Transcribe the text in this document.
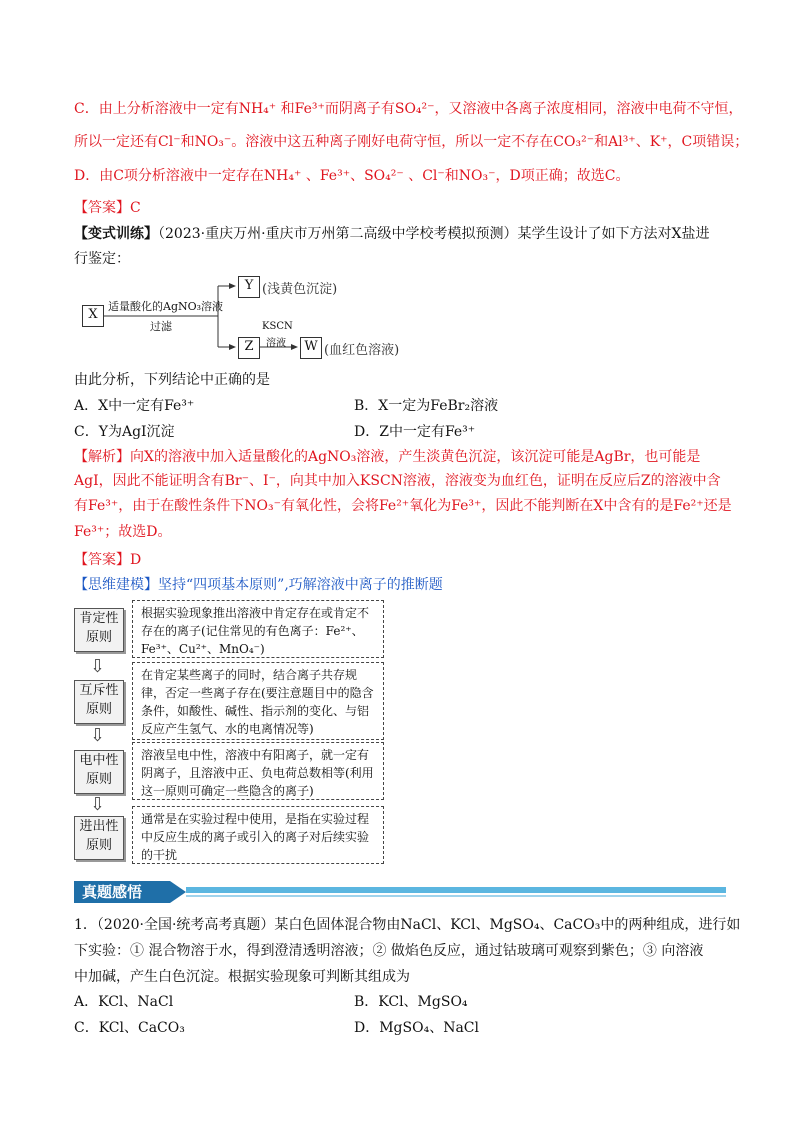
C．由上分析溶液中一定有NH₄⁺ 和Fe³⁺而阴离子有SO₄²⁻，又溶液中各离子浓度相同，溶液中电荷不守恒，
所以一定还有Cl⁻和NO₃⁻。溶液中这五种离子刚好电荷守恒，所以一定不存在CO₃²⁻和Al³⁺、K⁺，C项错误；
D．由C项分析溶液中一定存在NH₄⁺ 、Fe³⁺、SO₄²⁻ 、Cl⁻和NO₃⁻，D项正确；故选C。
【答案】C
【变式训练】（2023·重庆万州·重庆市万州第二高级中学校考模拟预测）某学生设计了如下方法对X盐进
行鉴定：
X
适量酸化的AgNO₃溶液
过滤
Y (浅黄色沉淀)
Z
KSCN
溶液	W (血红色溶液)
由此分析，下列结论中正确的是
A．X中一定有Fe³⁺	B．X一定为FeBr₂溶液
C．Y为AgI沉淀	D．Z中一定有Fe³⁺
【解析】向X的溶液中加入适量酸化的AgNO₃溶液，产生淡黄色沉淀，该沉淀可能是AgBr，也可能是
AgI，因此不能证明含有Br⁻、I⁻，向其中加入KSCN溶液，溶液变为血红色，证明在反应后Z的溶液中含
有Fe³⁺，由于在酸性条件下NO₃⁻有氧化性，会将Fe²⁺氧化为Fe³⁺，因此不能判断在X中含有的是Fe²⁺还是
Fe³⁺；故选D。
【答案】D
【思维建模】坚持“四项基本原则”,巧解溶液中离子的推断题
肯定性
原则
根据实验现象推出溶液中肯定存在或肯定不存在的离子(记住常见的有色离子：Fe²⁺、Fe³⁺、Cu²⁺、MnO₄⁻)
⇩
互斥性
原则
在肯定某些离子的同时，结合离子共存规律，否定一些离子存在(要注意题目中的隐含条件，如酸性、碱性、指示剂的变化、与铝反应产生氢气、水的电离情况等)
⇩
电中性
原则
溶液呈电中性，溶液中有阳离子，就一定有阴离子，且溶液中正、负电荷总数相等(利用这一原则可确定一些隐含的离子)
⇩
进出性
原则
通常是在实验过程中使用，是指在实验过程中反应生成的离子或引入的离子对后续实验的干扰
真题感悟
1．（2020·全国·统考高考真题）某白色固体混合物由NaCl、KCl、MgSO₄、CaCO₃中的两种组成，进行如
下实验：① 混合物溶于水，得到澄清透明溶液；② 做焰色反应，通过钴玻璃可观察到紫色；③ 向溶液
中加碱，产生白色沉淀。根据实验现象可判断其组成为
A．KCl、NaCl	B．KCl、MgSO₄
C．KCl、CaCO₃	D．MgSO₄、NaCl
